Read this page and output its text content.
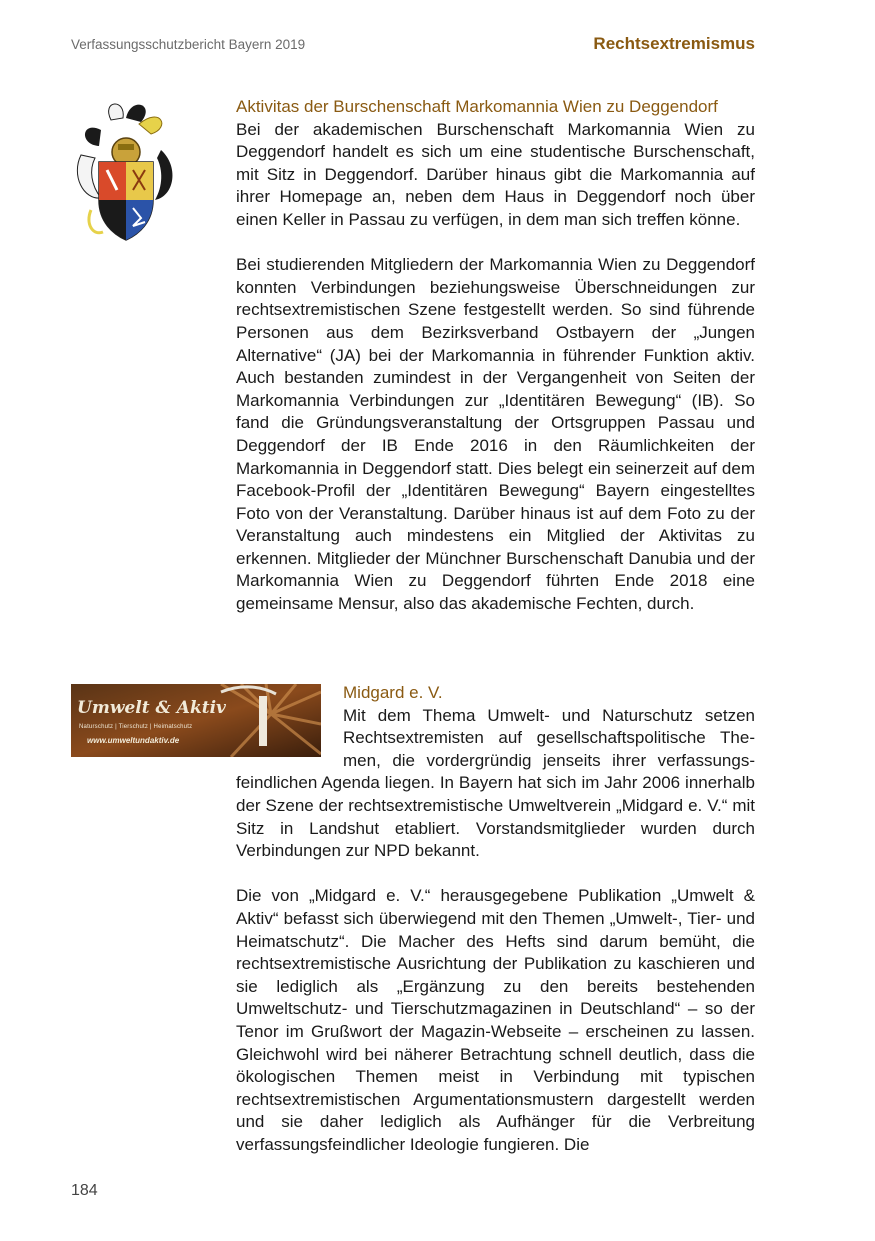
Verfassungsschutzbericht Bayern 2019	Rechtsextremismus

Aktivitas der Burschenschaft Markomannia Wien zu Deggendorf

Bei der akademischen Burschenschaft Markomannia Wien zu Deggendorf handelt es sich um eine studentische Burschenschaft, mit Sitz in Deggendorf. Darüber hinaus gibt die Markomannia auf ihrer Homepage an, neben dem Haus in Deggendorf noch über einen Keller in Passau zu verfügen, in dem man sich treffen könne.

Bei studierenden Mitgliedern der Markomannia Wien zu Deggendorf konnten Verbindungen beziehungsweise Überschneidungen zur rechtsextremistischen Szene festgestellt werden. So sind führende Personen aus dem Bezirksverband Ostbayern der „Jungen Alternative“ (JA) bei der Markomannia in führender Funktion aktiv. Auch bestanden zumindest in der Vergangenheit von Seiten der Markomannia Verbindungen zur „Identitären Bewegung“ (IB). So fand die Gründungsveranstaltung der Ortsgruppen Passau und Deggendorf der IB Ende 2016 in den Räumlichkeiten der Markomannia in Deggendorf statt. Dies belegt ein seinerzeit auf dem Facebook-Profil der „Identitären Bewegung“ Bayern eingestelltes Foto von der Veranstaltung. Darüber hinaus ist auf dem Foto zu der Veranstaltung auch mindestens ein Mitglied der Aktivitas zu erkennen. Mitglieder der Münchner Burschenschaft Danubia und der Markomannia Wien zu Deggendorf führten Ende 2018 eine gemeinsame Mensur, also das akademische Fechten, durch.

Umwelt & Aktiv
Naturschutz | Tierschutz | Heimatschutz
www.umweltundaktiv.de

Midgard e. V.

Mit dem Thema Umwelt- und Naturschutz setzen Rechtsextremisten auf gesellschaftspolitische Themen, die vordergründig jenseits ihrer verfassungsfeindlichen Agenda liegen. In Bayern hat sich im Jahr 2006 innerhalb der Szene der rechtsextremistische Umweltverein „Midgard e. V.“ mit Sitz in Landshut etabliert. Vorstandsmitglieder wurden durch Verbindungen zur NPD bekannt.

Die von „Midgard e. V.“ herausgegebene Publikation „Umwelt & Aktiv“ befasst sich überwiegend mit den Themen „Umwelt-, Tier- und Heimatschutz“. Die Macher des Hefts sind darum bemüht, die rechtsextremistische Ausrichtung der Publikation zu kaschieren und sie lediglich als „Ergänzung zu den bereits bestehenden Umweltschutz- und Tierschutzmagazinen in Deutschland“ – so der Tenor im Grußwort der Magazin-Webseite – erscheinen zu lassen. Gleichwohl wird bei näherer Betrachtung schnell deutlich, dass die ökologischen Themen meist in Verbindung mit typischen rechtsextremistischen Argumentationsmustern dargestellt werden und sie daher lediglich als Aufhänger für die Verbreitung verfassungsfeindlicher Ideologie fungieren. Die

184
